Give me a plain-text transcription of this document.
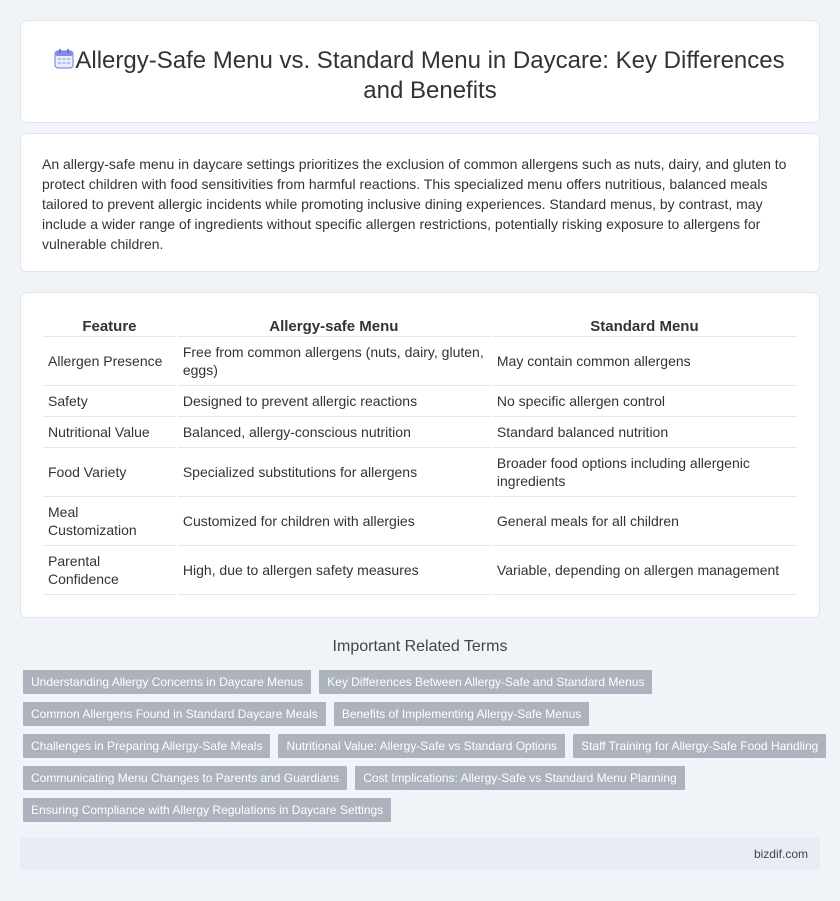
Allergy-Safe Menu vs. Standard Menu in Daycare: Key Differences and Benefits

An allergy-safe menu in daycare settings prioritizes the exclusion of common allergens such as nuts, dairy, and gluten to protect children with food sensitivities from harmful reactions. This specialized menu offers nutritious, balanced meals tailored to prevent allergic incidents while promoting inclusive dining experiences. Standard menus, by contrast, may include a wider range of ingredients without specific allergen restrictions, potentially risking exposure to allergens for vulnerable children.

Feature	Allergy-safe Menu	Standard Menu
Allergen Presence	Free from common allergens (nuts, dairy, gluten, eggs)	May contain common allergens
Safety	Designed to prevent allergic reactions	No specific allergen control
Nutritional Value	Balanced, allergy-conscious nutrition	Standard balanced nutrition
Food Variety	Specialized substitutions for allergens	Broader food options including allergenic ingredients
Meal Customization	Customized for children with allergies	General meals for all children
Parental Confidence	High, due to allergen safety measures	Variable, depending on allergen management
Important Related Terms
Understanding Allergy Concerns in Daycare Menus	Key Differences Between Allergy-Safe and Standard Menus
Common Allergens Found in Standard Daycare Meals	Benefits of Implementing Allergy-Safe Menus
Challenges in Preparing Allergy-Safe Meals	Nutritional Value: Allergy-Safe vs Standard Options	Staff Training for Allergy-Safe Food Handling
Communicating Menu Changes to Parents and Guardians	Cost Implications: Allergy-Safe vs Standard Menu Planning
Ensuring Compliance with Allergy Regulations in Daycare Settings
bizdif.com
